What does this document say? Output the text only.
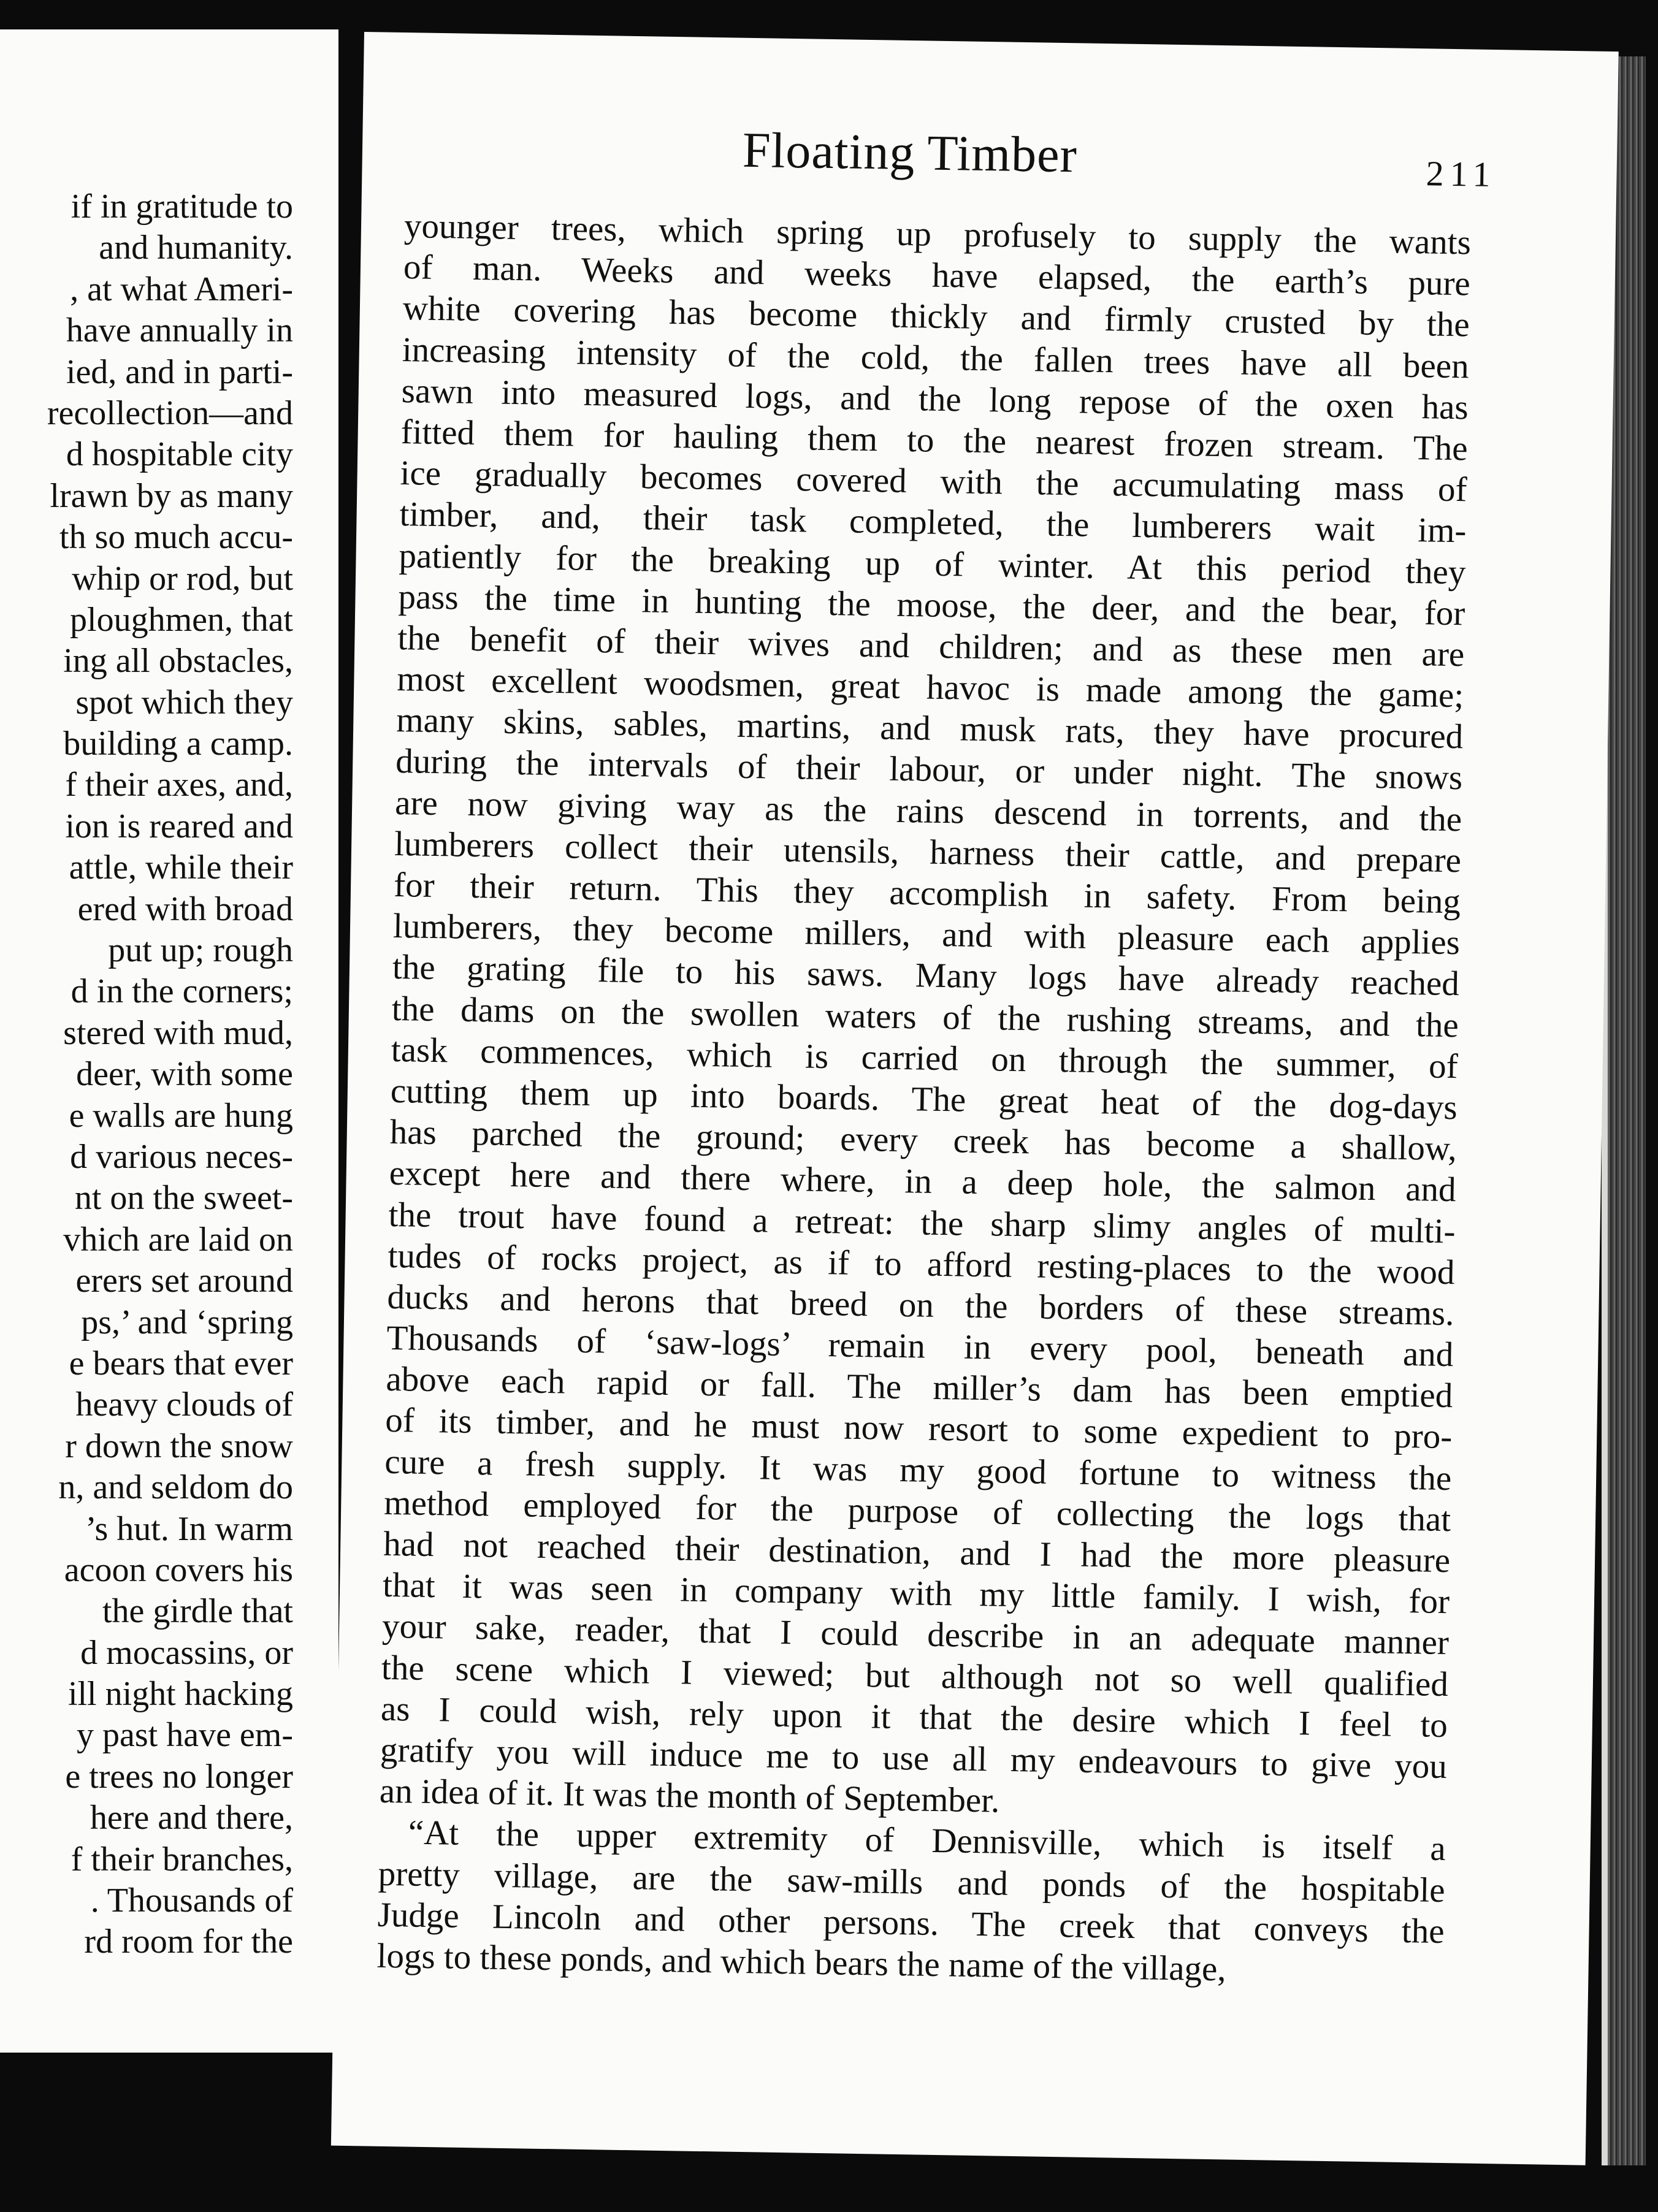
if in gratitude to
and humanity.
, at what Ameri-
have annually in
ied, and in parti-
recollection—and
d hospitable city
lrawn by as many
th so much accu-
whip or rod, but
ploughmen, that
ing all obstacles,
spot which they
building a camp.
f their axes, and,
ion is reared and
attle, while their
ered with broad
put up; rough
d in the corners;
stered with mud,
deer, with some
e walls are hung
d various neces-
nt on the sweet-
vhich are laid on
erers set around
ps,’ and ‘spring
e bears that ever
heavy clouds of
r down the snow
n, and seldom do
’s hut. In warm
acoon covers his
the girdle that
d mocassins, or
ill night hacking
y past have em-
e trees no longer
here and there,
f their branches,
. Thousands of
rd room for the
Floating Timber	211
younger trees, which spring up profusely to supply the wants
of man. Weeks and weeks have elapsed, the earth’s pure
white covering has become thickly and firmly crusted by the
increasing intensity of the cold, the fallen trees have all been
sawn into measured logs, and the long repose of the oxen has
fitted them for hauling them to the nearest frozen stream. The
ice gradually becomes covered with the accumulating mass of
timber, and, their task completed, the lumberers wait im-
patiently for the breaking up of winter. At this period they
pass the time in hunting the moose, the deer, and the bear, for
the benefit of their wives and children; and as these men are
most excellent woodsmen, great havoc is made among the game;
many skins, sables, martins, and musk rats, they have procured
during the intervals of their labour, or under night. The snows
are now giving way as the rains descend in torrents, and the
lumberers collect their utensils, harness their cattle, and prepare
for their return. This they accomplish in safety. From being
lumberers, they become millers, and with pleasure each applies
the grating file to his saws. Many logs have already reached
the dams on the swollen waters of the rushing streams, and the
task commences, which is carried on through the summer, of
cutting them up into boards. The great heat of the dog-days
has parched the ground; every creek has become a shallow,
except here and there where, in a deep hole, the salmon and
the trout have found a retreat: the sharp slimy angles of multi-
tudes of rocks project, as if to afford resting-places to the wood
ducks and herons that breed on the borders of these streams.
Thousands of ‘saw-logs’ remain in every pool, beneath and
above each rapid or fall. The miller’s dam has been emptied
of its timber, and he must now resort to some expedient to pro-
cure a fresh supply. It was my good fortune to witness the
method employed for the purpose of collecting the logs that
had not reached their destination, and I had the more pleasure
that it was seen in company with my little family. I wish, for
your sake, reader, that I could describe in an adequate manner
the scene which I viewed; but although not so well qualified
as I could wish, rely upon it that the desire which I feel to
gratify you will induce me to use all my endeavours to give you
an idea of it. It was the month of September.
“At the upper extremity of Dennisville, which is itself a
pretty village, are the saw-mills and ponds of the hospitable
Judge Lincoln and other persons. The creek that conveys the
logs to these ponds, and which bears the name of the village,
